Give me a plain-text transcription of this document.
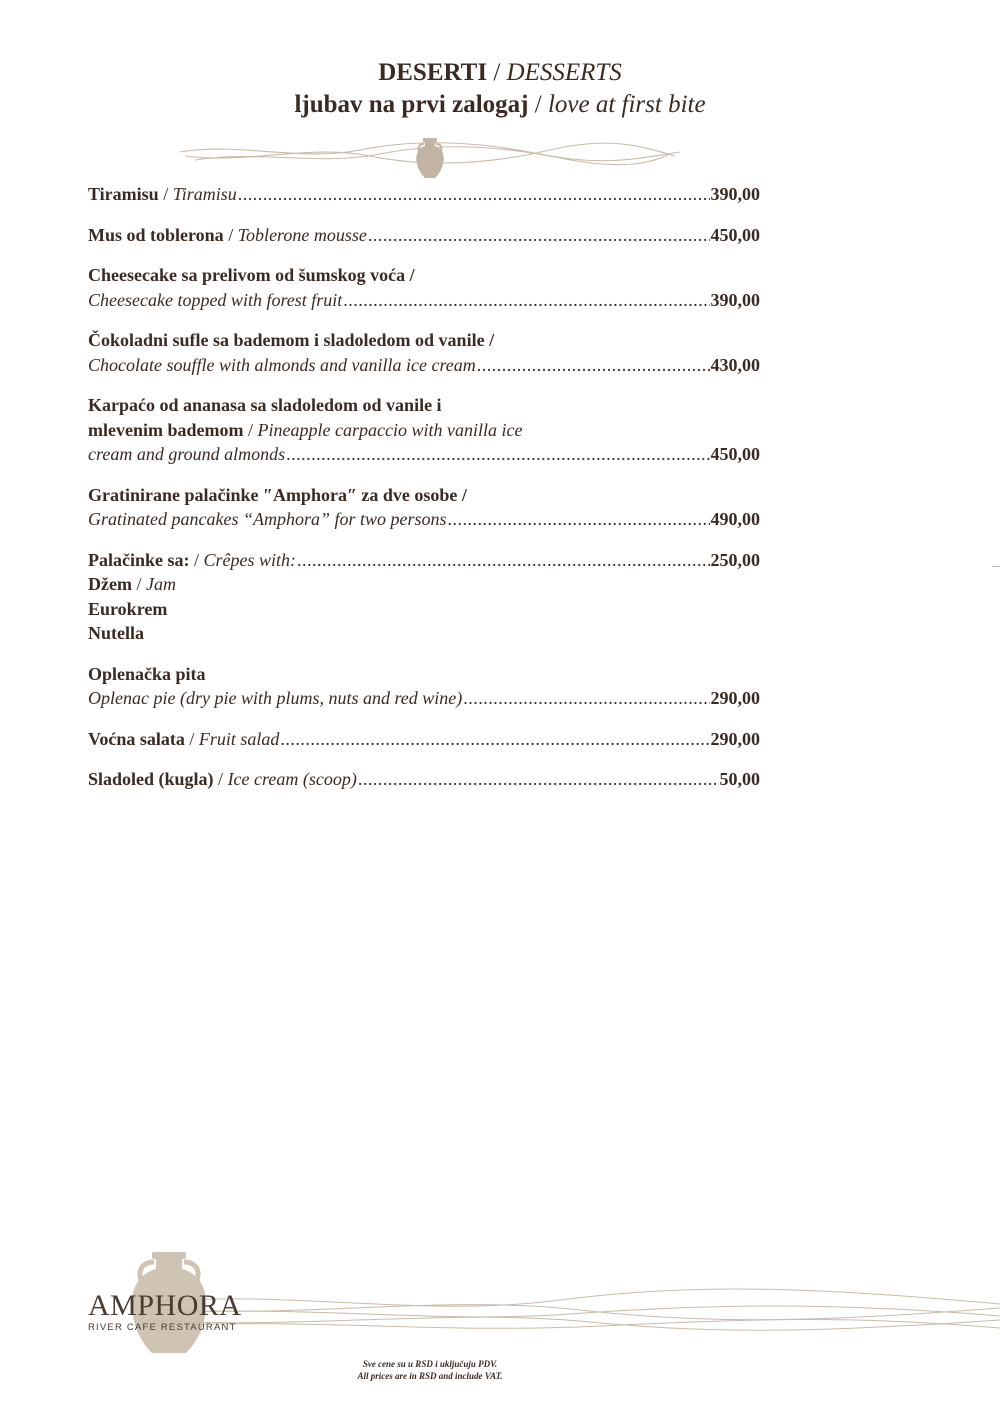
DESERTI / DESSERTS
ljubav na prvi zalogaj / love at first bite
Tiramisu / Tiramisu .....	390,00
Mus od toblerona / Toblerone mousse .....	450,00
Cheesecake sa prelivom od šumskog voća /
Cheesecake topped with forest fruit .....	390,00
Čokoladni sufle sa bademom i sladoledom od vanile /
Chocolate souffle with almonds and vanilla ice cream .....	430,00
Karpaćo od ananasa sa sladoledom od vanile i
mlevenim bademom / Pineapple carpaccio with vanilla ice
cream and ground almonds .....	450,00
Gratinirane palačinke ″Amphora″ za dve osobe /
Gratinated pancakes “Amphora” for two persons .....	490,00
Palačinke sa: / Crêpes with: .....	250,00
Džem / Jam
Eurokrem
Nutella
Oplenačka pita
Oplenac pie (dry pie with plums, nuts and red wine) .....	290,00
Voćna salata / Fruit salad .....	290,00
Sladoled (kugla) / Ice cream (scoop) .....	50,00
AMPHORA
RIVER CAFE RESTAURANT
Sve cene su u RSD i uključuju PDV.
All prices are in RSD and include VAT.
